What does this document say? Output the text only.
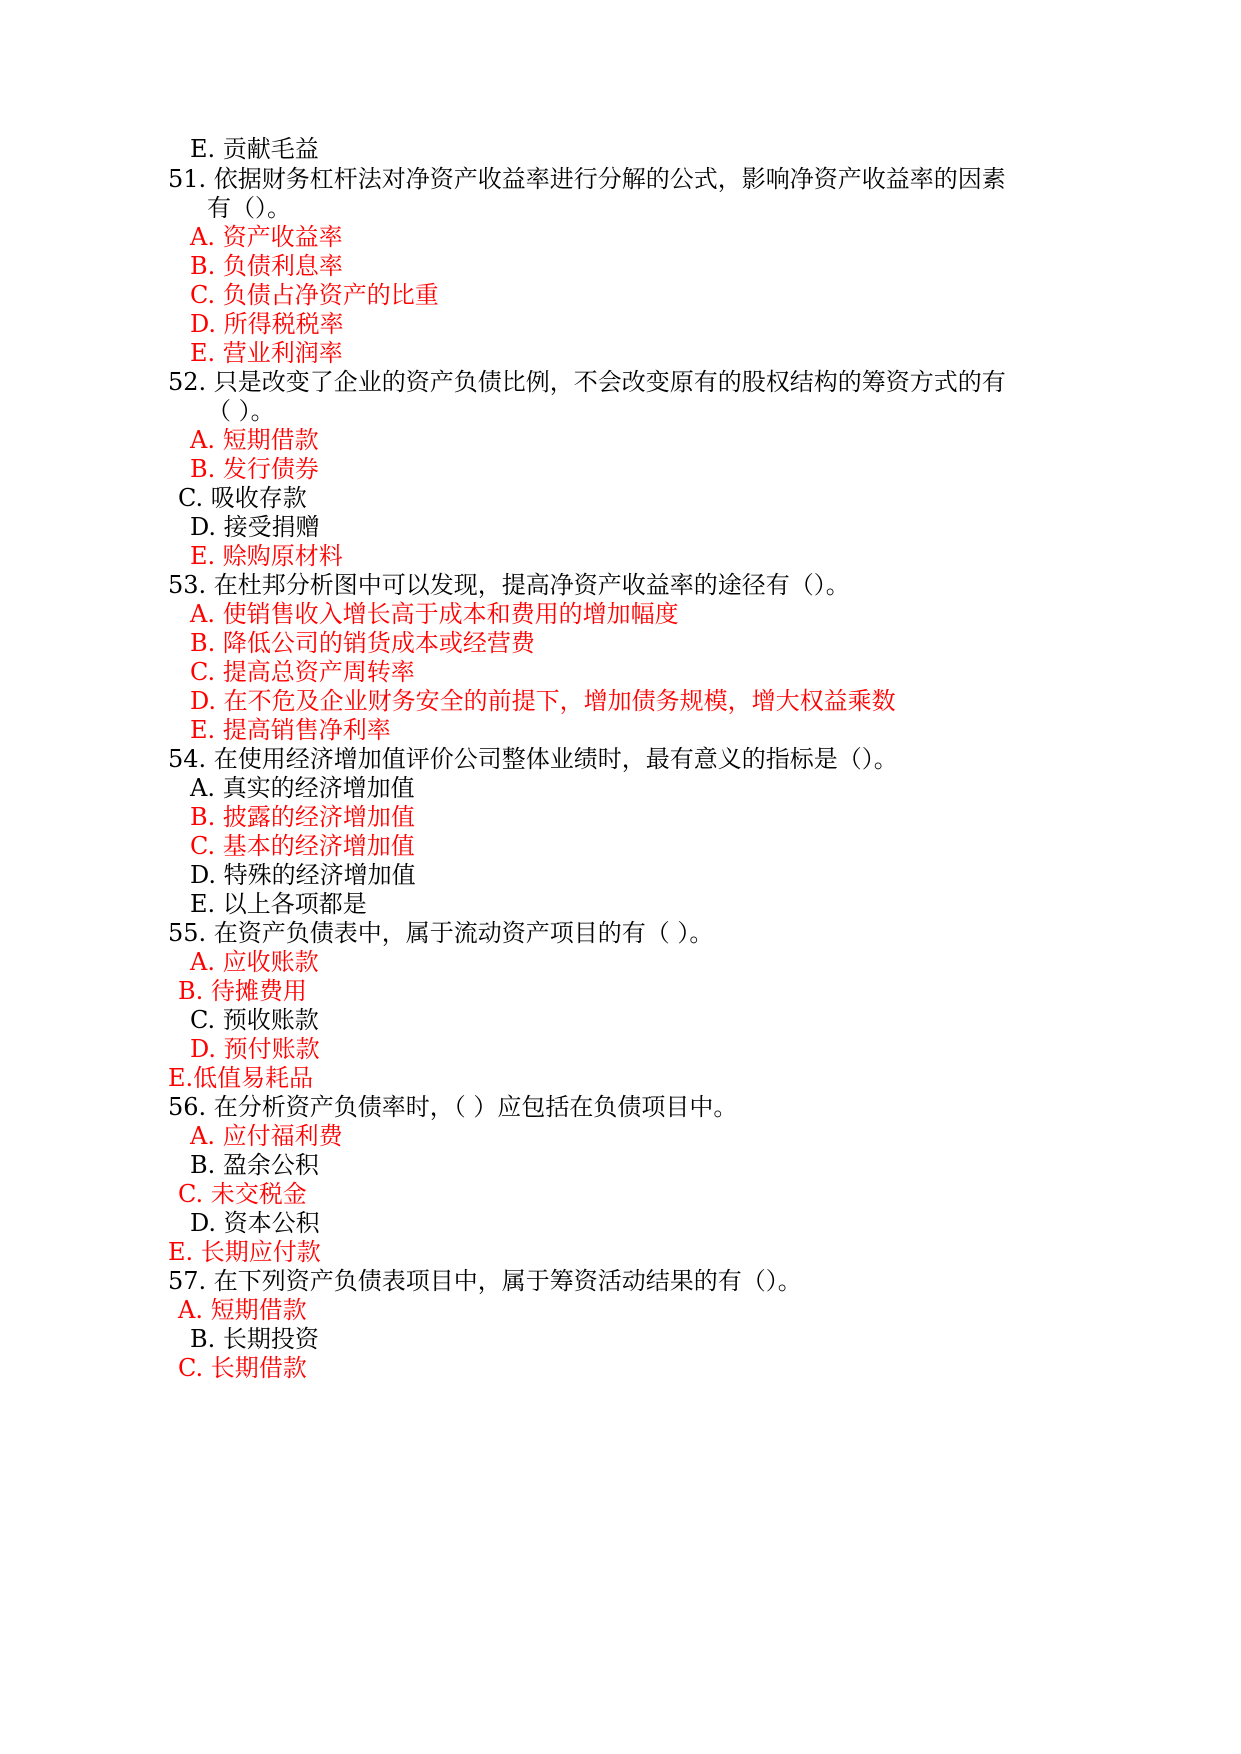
E. 贡献毛益
51. 依据财务杠杆法对净资产收益率进行分解的公式，影响净资产收益率的因素
有（）。
A. 资产收益率
B. 负债利息率
C. 负债占净资产的比重
D. 所得税税率
E. 营业利润率
52. 只是改变了企业的资产负债比例，不会改变原有的股权结构的筹资方式的有
（ ）。
A. 短期借款
B. 发行债券
C. 吸收存款
D. 接受捐赠
E. 赊购原材料
53. 在杜邦分析图中可以发现，提高净资产收益率的途径有（）。
A. 使销售收入增长高于成本和费用的增加幅度
B. 降低公司的销货成本或经营费
C. 提高总资产周转率
D. 在不危及企业财务安全的前提下，增加债务规模，增大权益乘数
E. 提高销售净利率
54. 在使用经济增加值评价公司整体业绩时，最有意义的指标是（）。
A. 真实的经济增加值
B. 披露的经济增加值
C. 基本的经济增加值
D. 特殊的经济增加值
E. 以上各项都是
55. 在资产负债表中，属于流动资产项目的有（ ）。
A. 应收账款
B. 待摊费用
C. 预收账款
D. 预付账款
E.低值易耗品
56. 在分析资产负债率时，（ ）应包括在负债项目中。
A. 应付福利费
B. 盈余公积
C. 未交税金
D. 资本公积
E. 长期应付款
57. 在下列资产负债表项目中，属于筹资活动结果的有（）。
A. 短期借款
B. 长期投资
C. 长期借款
